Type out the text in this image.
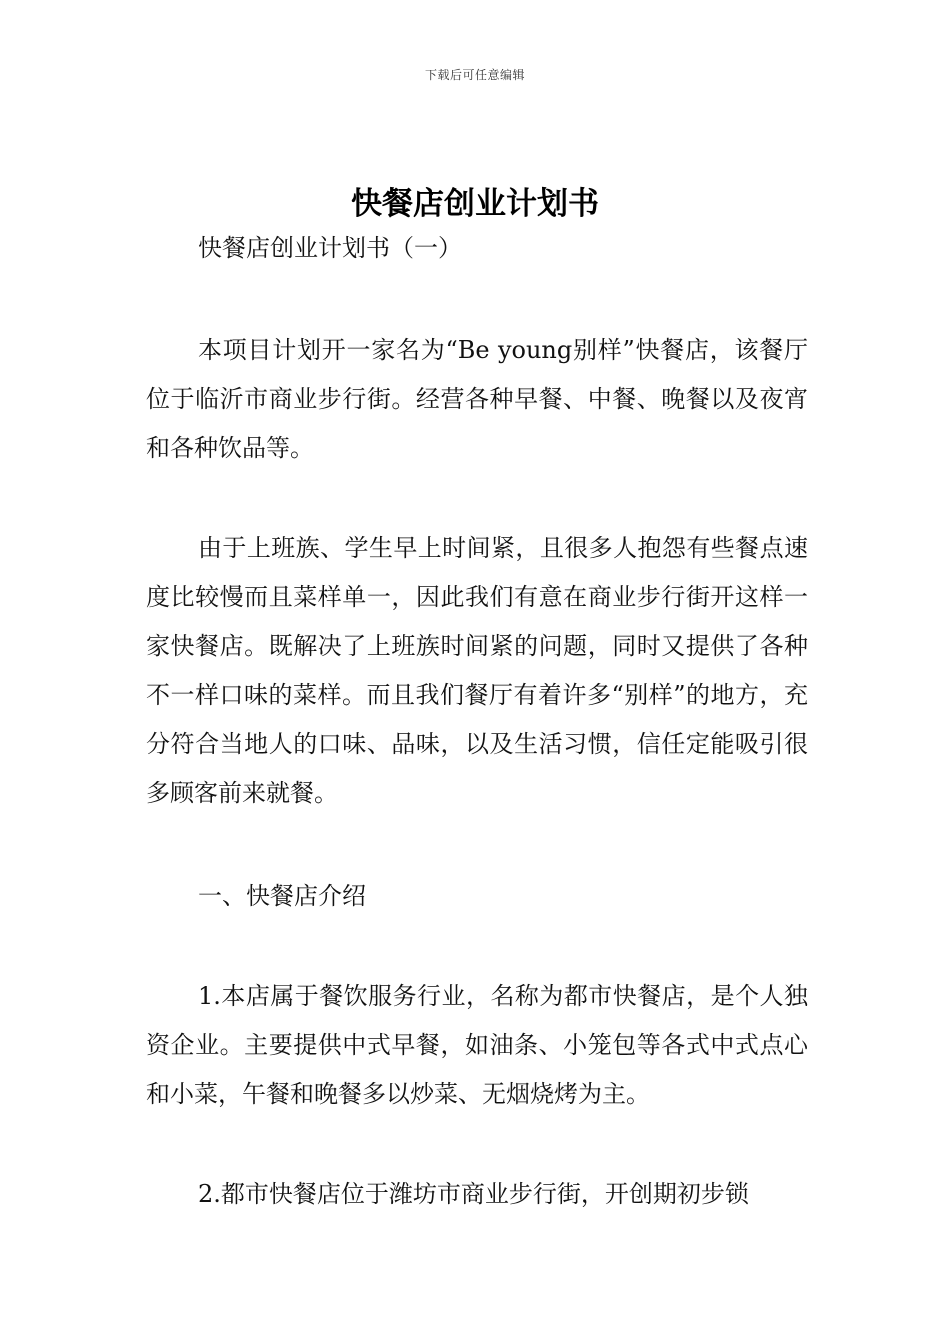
下载后可任意编辑
快餐店创业计划书

快餐店创业计划书（一）

本项目计划开一家名为“Be young别样”快餐店，该餐厅位于临沂市商业步行街。经营各种早餐、中餐、晚餐以及夜宵和各种饮品等。

由于上班族、学生早上时间紧，且很多人抱怨有些餐点速度比较慢而且菜样单一，因此我们有意在商业步行街开这样一家快餐店。既解决了上班族时间紧的问题，同时又提供了各种不一样口味的菜样。而且我们餐厅有着许多“别样”的地方，充分符合当地人的口味、品味，以及生活习惯，信任定能吸引很多顾客前来就餐。

一、快餐店介绍

1.本店属于餐饮服务行业，名称为都市快餐店，是个人独资企业。主要提供中式早餐，如油条、小笼包等各式中式点心和小菜，午餐和晚餐多以炒菜、无烟烧烤为主。

2.都市快餐店位于潍坊市商业步行街，开创期初步锁
